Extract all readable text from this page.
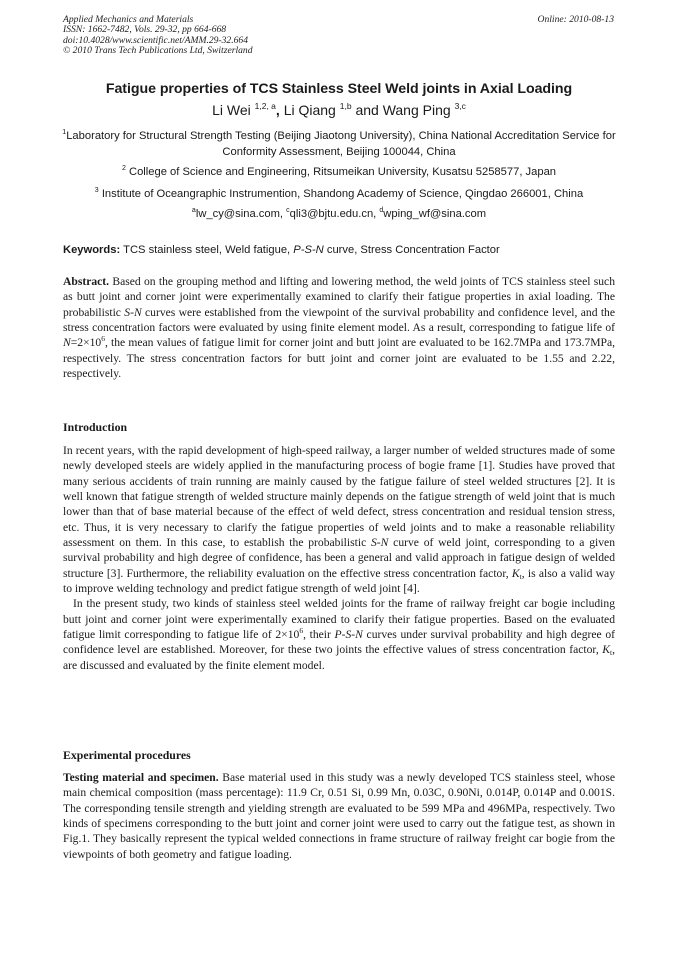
Applied Mechanics and Materials
ISSN: 1662-7482, Vols. 29-32, pp 664-668
doi:10.4028/www.scientific.net/AMM.29-32.664
© 2010 Trans Tech Publications Ltd, Switzerland
Online: 2010-08-13
Fatigue properties of TCS Stainless Steel Weld joints in Axial Loading
Li Wei $^{1,2, a}$, Li Qiang $^{1,b}$ and Wang Ping $^{3,c}$
$^1$Laboratory for Structural Strength Testing (Beijing Jiaotong University), China National Accreditation Service for Conformity Assessment, Beijing 100044, China
$^2$ College of Science and Engineering, Ritsumeikan University, Kusatsu 5258577, Japan
$^3$ Institute of Oceangraphic Instrumention, Shandong Academy of Science, Qingdao 266001, China
$^a$lw_cy@sina.com, $^c$qli3@bjtu.edu.cn, $^d$wping_wf@sina.com
Keywords: TCS stainless steel, Weld fatigue, P-S-N curve, Stress Concentration Factor

Abstract. Based on the grouping method and lifting and lowering method, the weld joints of TCS stainless steel such as butt joint and corner joint were experimentally examined to clarify their fatigue properties in axial loading. The probabilistic S-N curves were established from the viewpoint of the survival probability and confidence level, and the stress concentration factors were evaluated by using finite element model. As a result, corresponding to fatigue life of $N=2\times 10^6$, the mean values of fatigue limit for corner joint and butt joint are evaluated to be 162.7MPa and 173.7MPa, respectively. The stress concentration factors for butt joint and corner joint are evaluated to be 1.55 and 2.22, respectively.

Introduction

In recent years, with the rapid development of high-speed railway, a larger number of welded structures made of some newly developed steels are widely applied in the manufacturing process of bogie frame [1]. Studies have proved that many serious accidents of train running are mainly caused by the fatigue failure of steel welded structures [2]. It is well known that fatigue strength of welded structure mainly depends on the fatigue strength of weld joint that is much lower than that of base material because of the effect of weld defect, stress concentration and residual tension stress, etc. Thus, it is very necessary to clarify the fatigue properties of weld joints and to make a reasonable reliability assessment on them. In this case, to establish the probabilistic S-N curve of weld joint, corresponding to a given survival probability and high degree of confidence, has been a general and valid approach in fatigue design of welded structure [3]. Furthermore, the reliability evaluation on the effective stress concentration factor, $K_t$, is also a valid way to improve welding technology and predict fatigue strength of weld joint [4].

In the present study, two kinds of stainless steel welded joints for the frame of railway freight car bogie including butt joint and corner joint were experimentally examined to clarify their fatigue properties. Based on the evaluated fatigue limit corresponding to fatigue life of $2\times 10^6$, their P-S-N curves under survival probability and high degree of confidence level are established. Moreover, for these two joints the effective values of stress concentration factor, $K_t$, are discussed and evaluated by the finite element model.

Experimental procedures

Testing material and specimen. Base material used in this study was a newly developed TCS stainless steel, whose main chemical composition (mass percentage): 11.9 Cr, 0.51 Si, 0.99 Mn, 0.03C, 0.90Ni, 0.014P, 0.014P and 0.001S. The corresponding tensile strength and yielding strength are evaluated to be 599 MPa and 496MPa, respectively. Two kinds of specimens corresponding to the butt joint and corner joint were used to carry out the fatigue test, as shown in Fig.1. They basically represent the typical welded connections in frame structure of railway freight car bogie from the viewpoints of both geometry and fatigue loading.
